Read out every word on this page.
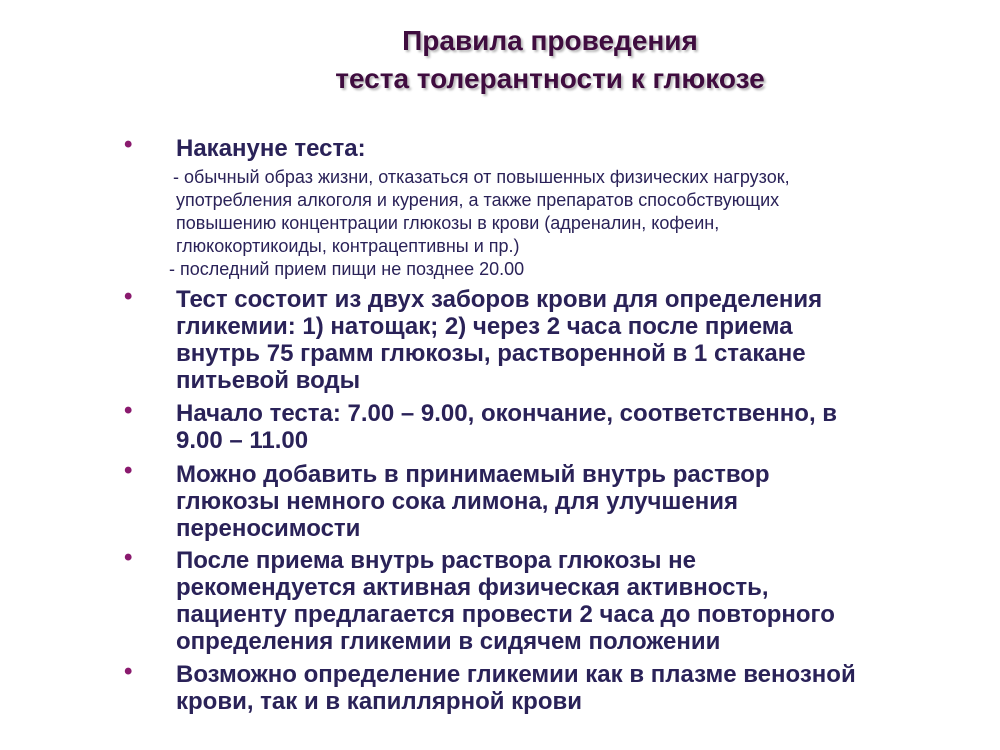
Правила проведения
теста толерантности к глюкозе
• Накануне теста:
- обычный образ жизни, отказаться от повышенных физических нагрузок,
употребления алкоголя и курения, а также препаратов способствующих
повышению концентрации глюкозы в крови (адреналин, кофеин,
глюкокортикоиды, контрацептивны и пр.)
- последний прием пищи не позднее 20.00
• Тест состоит из двух заборов крови для определения
гликемии: 1) натощак; 2) через 2 часа после приема
внутрь 75 грамм глюкозы, растворенной в 1 стакане
питьевой воды
• Начало теста: 7.00 – 9.00, окончание, соответственно, в
9.00 – 11.00
• Можно добавить в принимаемый внутрь раствор
глюкозы немного сока лимона, для улучшения
переносимости
• После приема внутрь раствора глюкозы не
рекомендуется активная физическая активность,
пациенту предлагается провести 2 часа до повторного
определения гликемии в сидячем положении
• Возможно определение гликемии как в плазме венозной
крови, так и в капиллярной крови
